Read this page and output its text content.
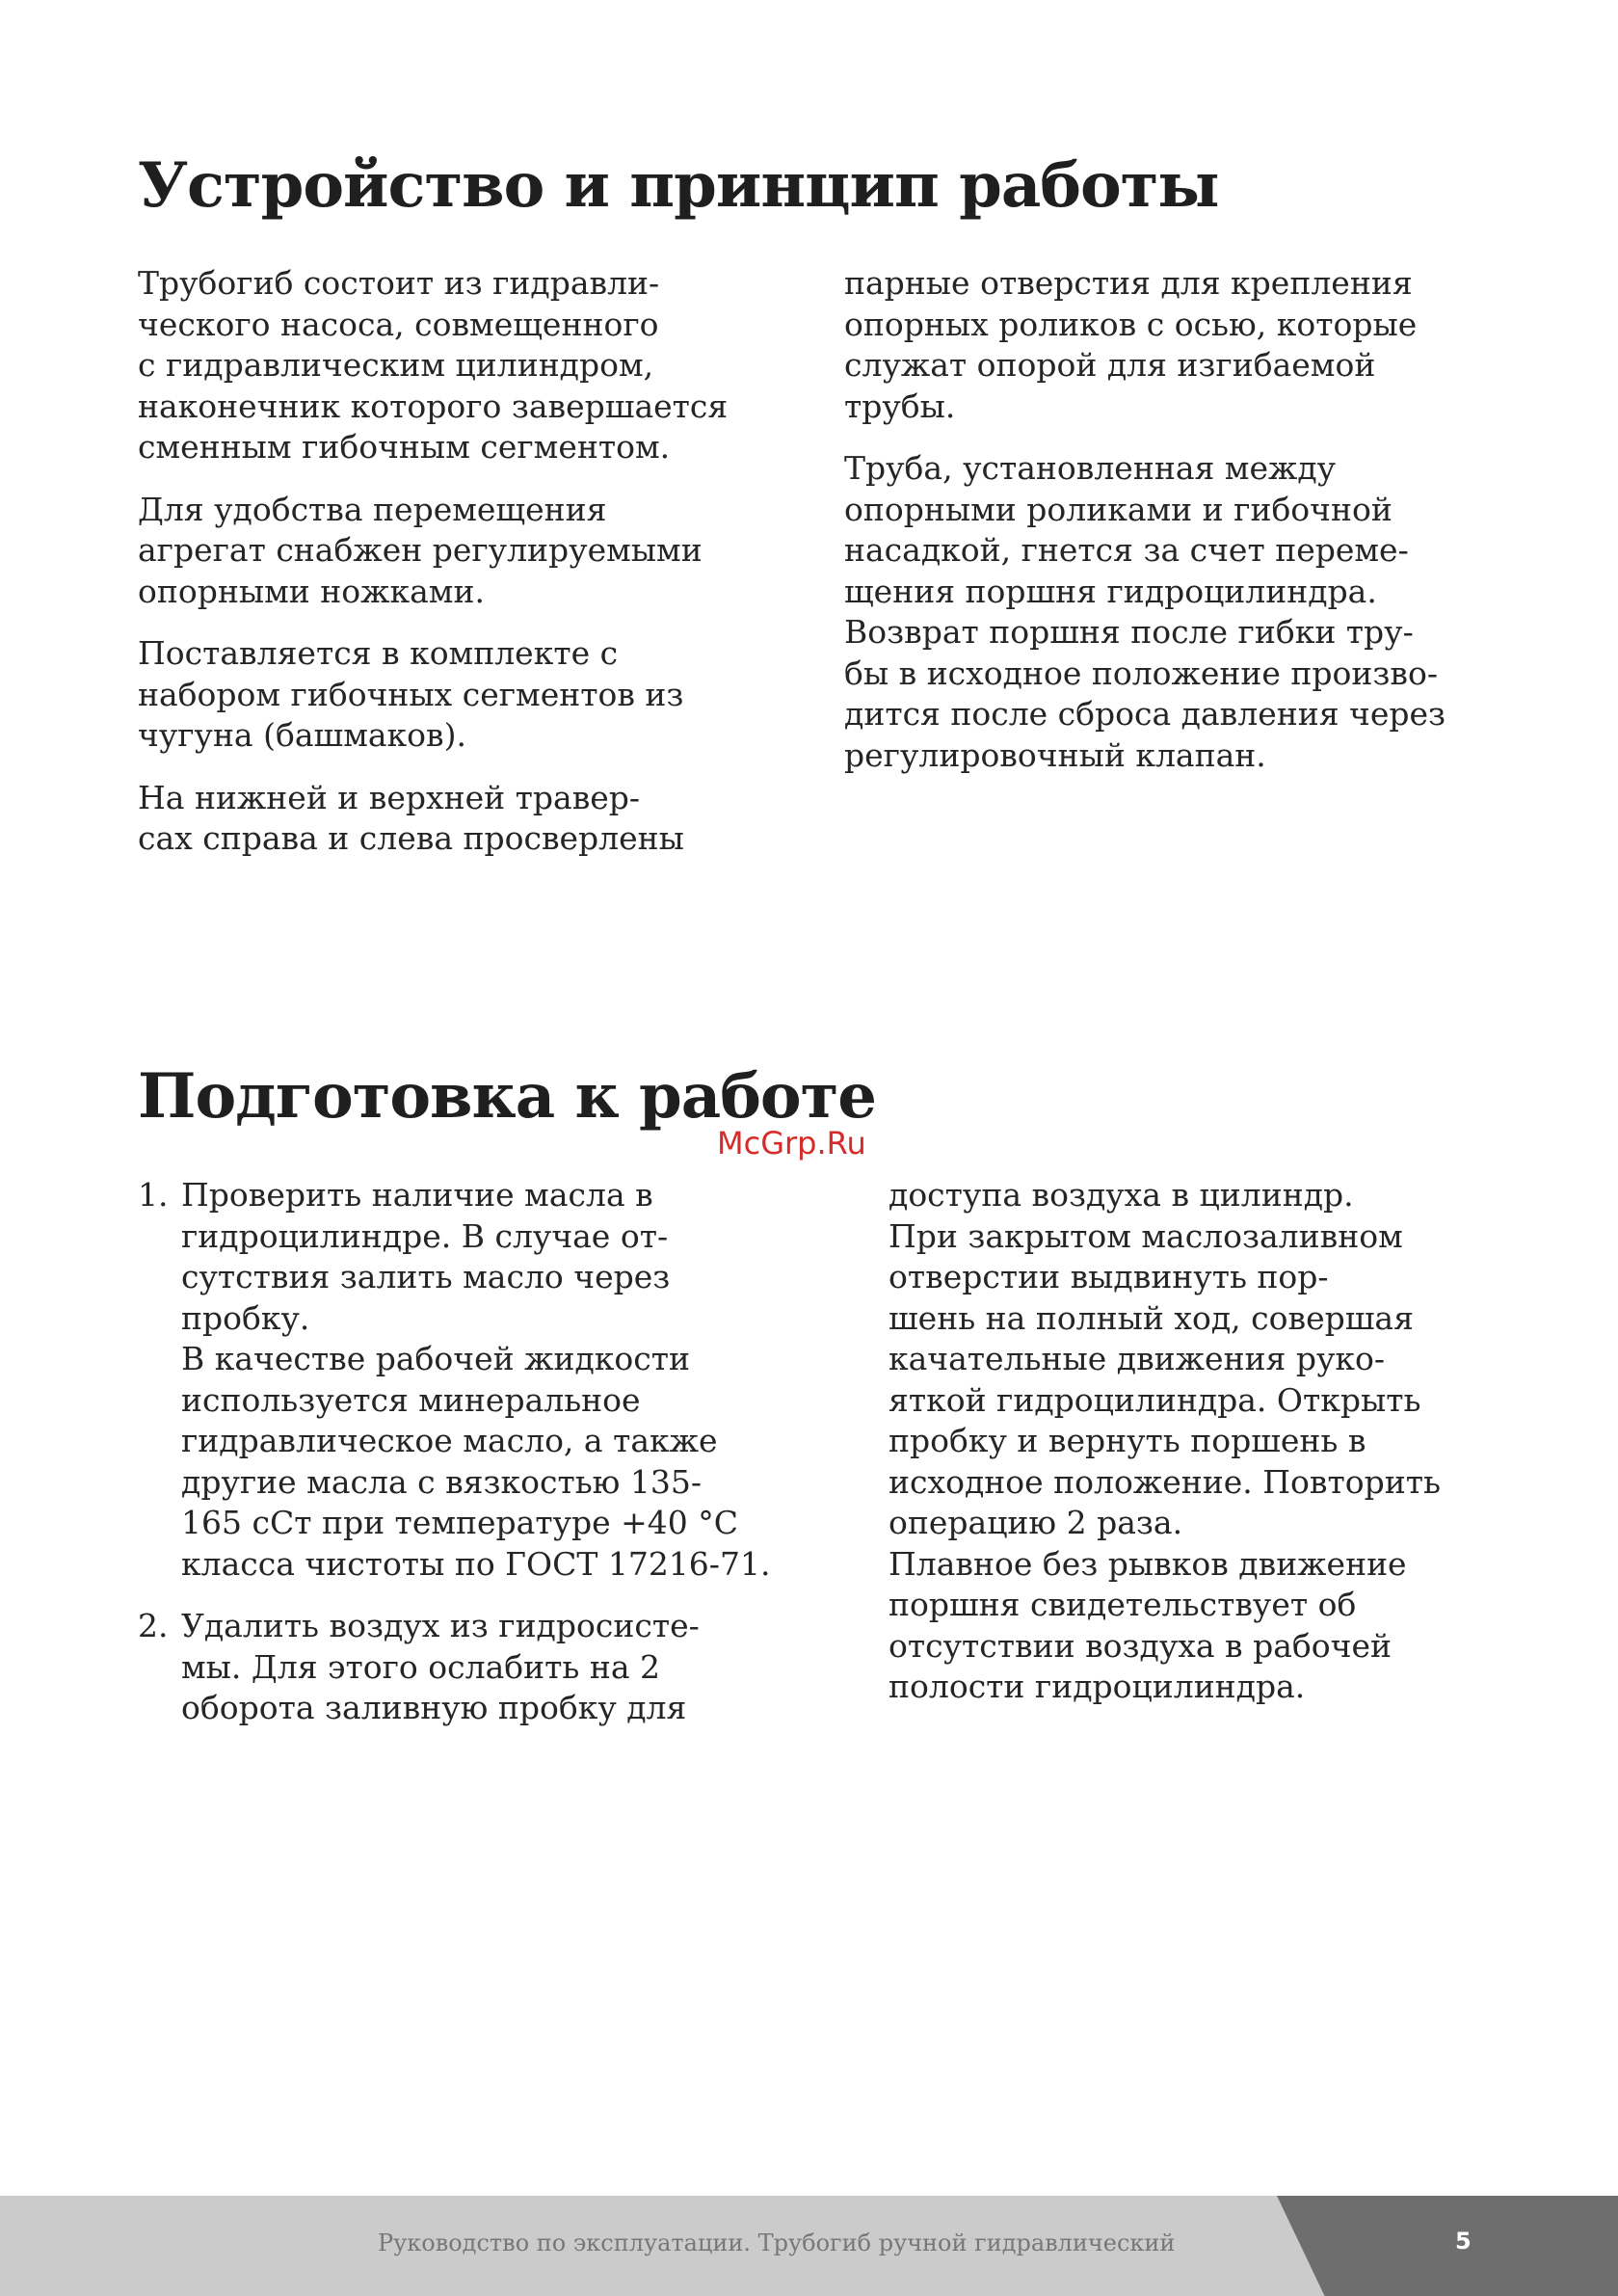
Устройство и принцип работы

Трубогиб состоит из гидравли-
ческого насоса, совмещенного
с гидравлическим цилиндром,
наконечник которого завершается
сменным гибочным сегментом.

Для удобства перемещения
агрегат снабжен регулируемыми
опорными ножками.

Поставляется в комплекте с
набором гибочных сегментов из
чугуна (башмаков).

На нижней и верхней травер-
сах справа и слева просверлены

парные отверстия для крепления
опорных роликов с осью, которые
служат опорой для изгибаемой
трубы.

Труба, установленная между
опорными роликами и гибочной
насадкой, гнется за счет переме-
щения поршня гидроцилиндра.
Возврат поршня после гибки тру-
бы в исходное положение произво-
дится после сброса давления через
регулировочный клапан.

Подготовка к работе
McGrp.Ru
1. Проверить наличие масла в
гидроцилиндре. В случае от-
сутствия залить масло через
пробку.
В качестве рабочей жидкости
используется минеральное
гидравлическое масло, а также
другие масла с вязкостью 135-
165 сСт при температуре +40 °С
класса чистоты по ГОСТ 17216-71.
2. Удалить воздух из гидросисте-
мы. Для этого ослабить на 2
оборота заливную пробку для
доступа воздуха в цилиндр.
При закрытом маслозаливном
отверстии выдвинуть пор-
шень на полный ход, совершая
качательные движения руко-
яткой гидроцилиндра. Открыть
пробку и вернуть поршень в
исходное положение. Повторить
операцию 2 раза.
Плавное без рывков движение
поршня свидетельствует об
отсутствии воздуха в рабочей
полости гидроцилиндра.
Руководство по эксплуатации. Трубогиб ручной гидравлический	5
